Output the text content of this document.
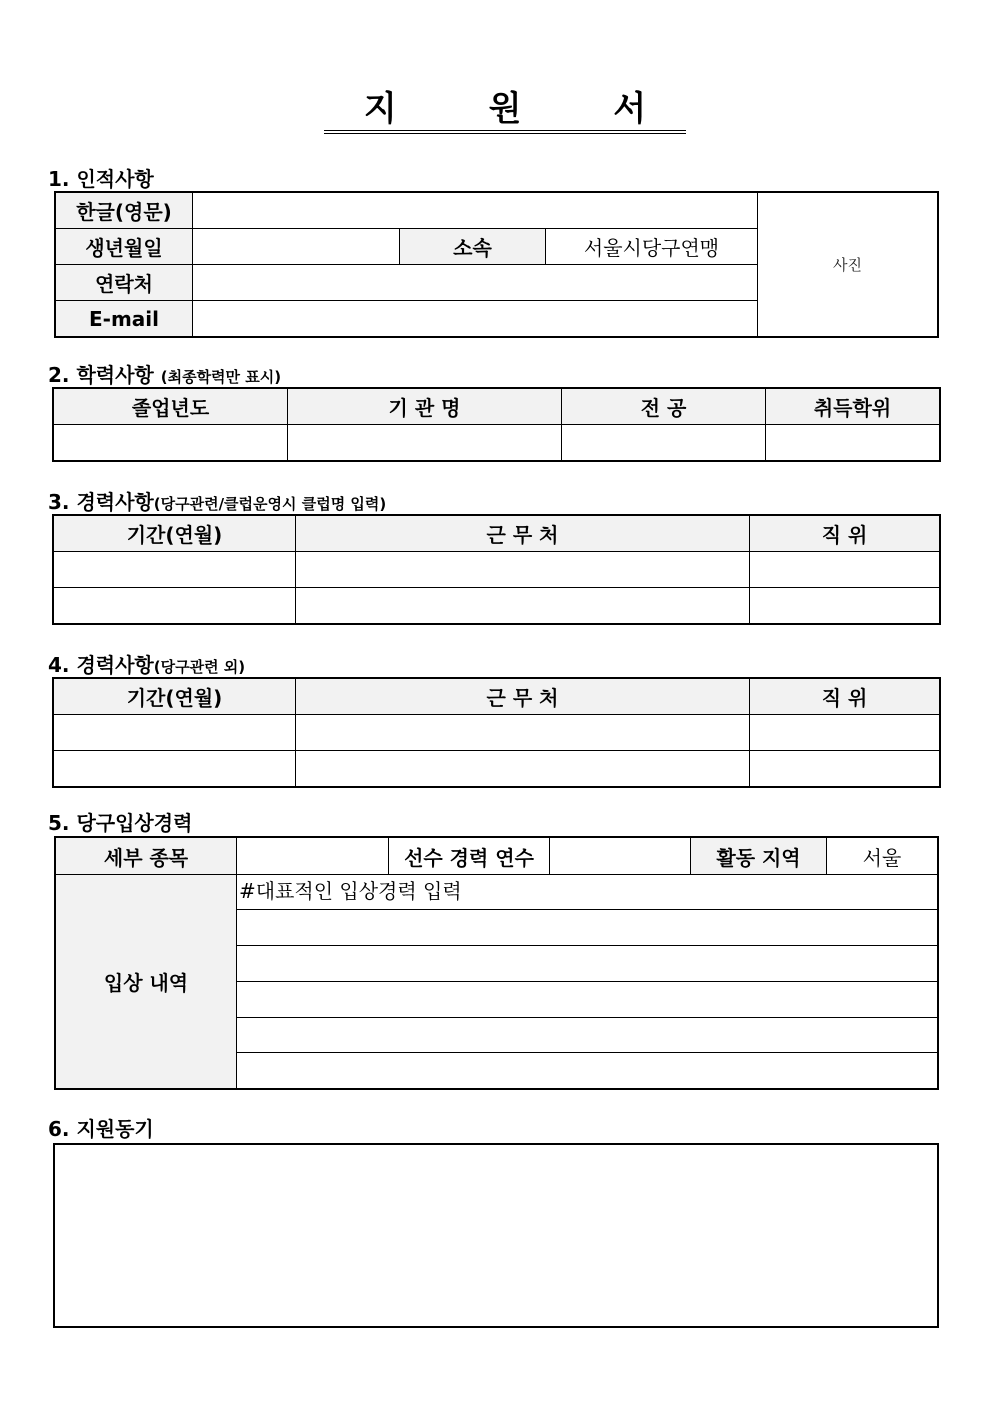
지 원 서
1. 인적사항
한글(영문)				사진
생년월일		소속	서울시당구연맹	
연락처				
E-mail				
2. 학력사항 (최종학력만 표시)
졸업년도	기 관 명	전 공	취득학위

3. 경력사항(당구관련/클럽운영시 클럽명 입력)
기간(연월)	근 무 처	직 위

4. 경력사항(당구관련 외)
기간(연월)	근 무 처	직 위

5. 당구입상경력
세부 종목		선수 경력 연수		활동 지역	서울
입상 내역	#대표적인 입상경력 입력				

6. 지원동기
